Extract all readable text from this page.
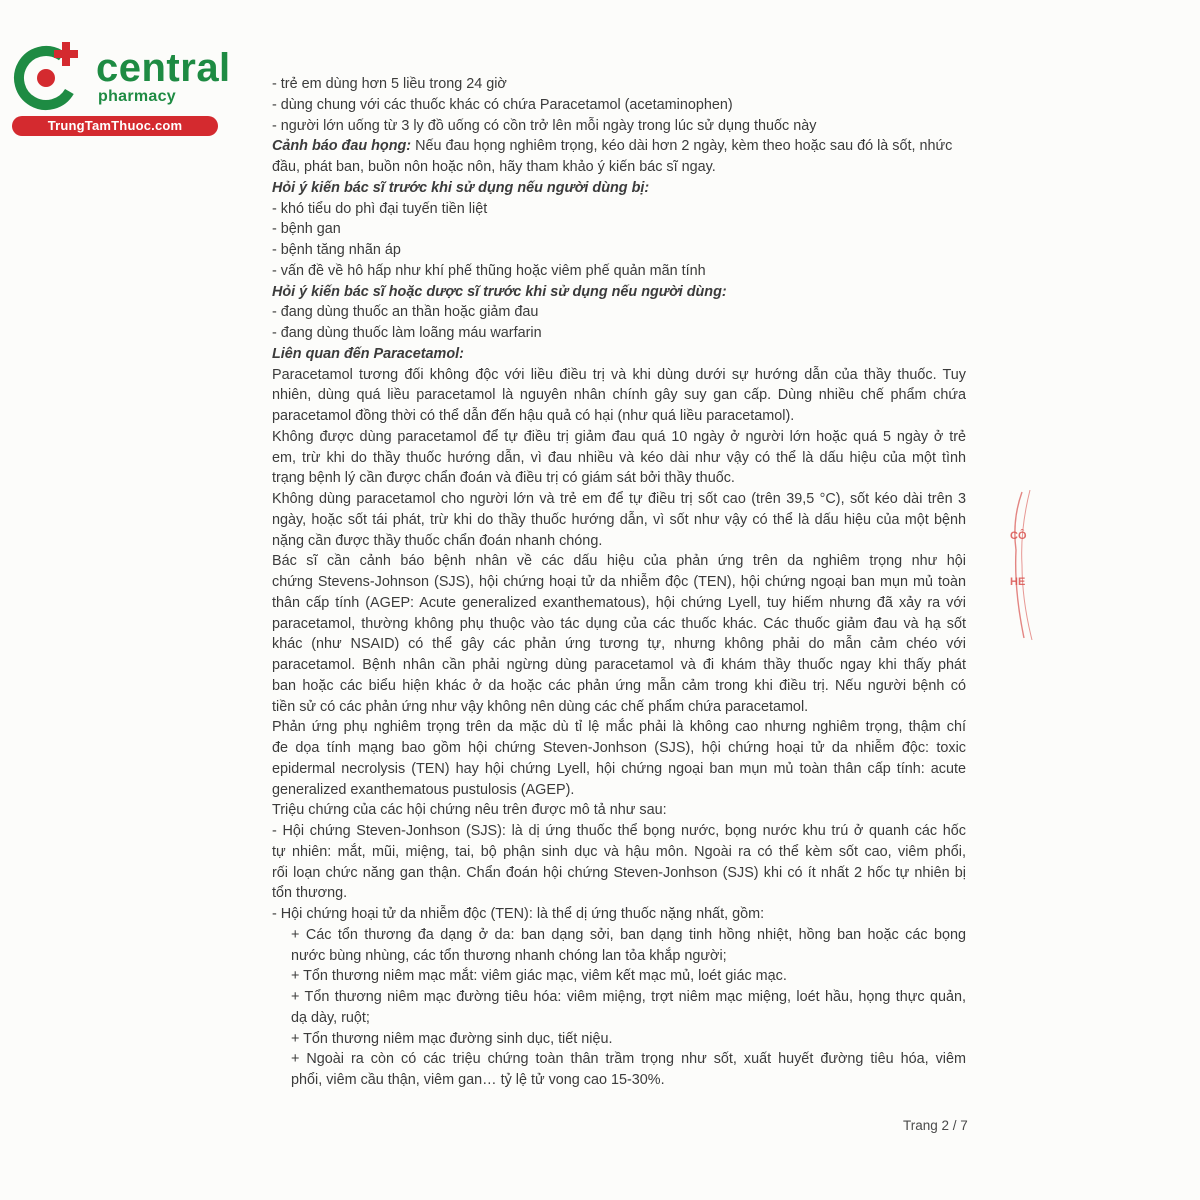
central
pharmacy
TrungTamThuoc.com
- trẻ em dùng hơn 5 liều trong 24 giờ
- dùng chung với các thuốc khác có chứa Paracetamol (acetaminophen)
- người lớn uống từ 3 ly đồ uống có cồn trở lên mỗi ngày trong lúc sử dụng thuốc này
Cảnh báo đau họng: Nếu đau họng nghiêm trọng, kéo dài hơn 2 ngày, kèm theo hoặc sau đó là sốt, nhức
đầu, phát ban, buồn nôn hoặc nôn, hãy tham khảo ý kiến bác sĩ ngay.
Hỏi ý kiến bác sĩ trước khi sử dụng nếu người dùng bị:
- khó tiểu do phì đại tuyến tiền liệt
- bệnh gan
- bệnh tăng nhãn áp
- vấn đề về hô hấp như khí phế thũng hoặc viêm phế quản mãn tính
Hỏi ý kiến bác sĩ hoặc dược sĩ trước khi sử dụng nếu người dùng:
- đang dùng thuốc an thần hoặc giảm đau
- đang dùng thuốc làm loãng máu warfarin
Liên quan đến Paracetamol:
Paracetamol tương đối không độc với liều điều trị và khi dùng dưới sự hướng dẫn của thầy thuốc. Tuy
nhiên, dùng quá liều paracetamol là nguyên nhân chính gây suy gan cấp. Dùng nhiều chế phẩm chứa
paracetamol đồng thời có thể dẫn đến hậu quả có hại (như quá liều paracetamol).
Không được dùng paracetamol để tự điều trị giảm đau quá 10 ngày ở người lớn hoặc quá 5 ngày ở trẻ
em, trừ khi do thầy thuốc hướng dẫn, vì đau nhiều và kéo dài như vậy có thể là dấu hiệu của một tình
trạng bệnh lý cần được chẩn đoán và điều trị có giám sát bởi thầy thuốc.
Không dùng paracetamol cho người lớn và trẻ em để tự điều trị sốt cao (trên 39,5 °C), sốt kéo dài trên 3
ngày, hoặc sốt tái phát, trừ khi do thầy thuốc hướng dẫn, vì sốt như vậy có thể là dấu hiệu của một bệnh
nặng cần được thầy thuốc chẩn đoán nhanh chóng.
Bác sĩ cần cảnh báo bệnh nhân về các dấu hiệu của phản ứng trên da nghiêm trọng như hội
chứng Stevens-Johnson (SJS), hội chứng hoại tử da nhiễm độc (TEN), hội chứng ngoại ban mụn mủ toàn
thân cấp tính (AGEP: Acute generalized exanthematous), hội chứng Lyell, tuy hiếm nhưng đã xảy ra với
paracetamol, thường không phụ thuộc vào tác dụng của các thuốc khác. Các thuốc giảm đau và hạ sốt
khác (như NSAID) có thể gây các phản ứng tương tự, nhưng không phải do mẫn cảm chéo với
paracetamol. Bệnh nhân cần phải ngừng dùng paracetamol và đi khám thầy thuốc ngay khi thấy phát
ban hoặc các biểu hiện khác ở da hoặc các phản ứng mẫn cảm trong khi điều trị. Nếu người bệnh có
tiền sử có các phản ứng như vậy không nên dùng các chế phẩm chứa paracetamol.
Phản ứng phụ nghiêm trọng trên da mặc dù tỉ lệ mắc phải là không cao nhưng nghiêm trọng, thậm chí
đe dọa tính mạng bao gồm hội chứng Steven-Jonhson (SJS), hội chứng hoại tử da nhiễm độc: toxic
epidermal necrolysis (TEN) hay hội chứng Lyell, hội chứng ngoại ban mụn mủ toàn thân cấp tính: acute
generalized exanthematous pustulosis (AGEP).
Triệu chứng của các hội chứng nêu trên được mô tả như sau:
- Hội chứng Steven-Jonhson (SJS): là dị ứng thuốc thể bọng nước, bọng nước khu trú ở quanh các hốc
tự nhiên: mắt, mũi, miệng, tai, bộ phận sinh dục và hậu môn. Ngoài ra có thể kèm sốt cao, viêm phổi,
rối loạn chức năng gan thận. Chẩn đoán hội chứng Steven-Jonhson (SJS) khi có ít nhất 2 hốc tự nhiên bị
tổn thương.
- Hội chứng hoại tử da nhiễm độc (TEN): là thể dị ứng thuốc nặng nhất, gồm:
+ Các tổn thương đa dạng ở da: ban dạng sởi, ban dạng tinh hồng nhiệt, hồng ban hoặc các bọng
nước bùng nhùng, các tổn thương nhanh chóng lan tỏa khắp người;
+ Tổn thương niêm mạc mắt: viêm giác mạc, viêm kết mạc mủ, loét giác mạc.
+ Tổn thương niêm mạc đường tiêu hóa: viêm miệng, trợt niêm mạc miệng, loét hầu, họng thực quản,
dạ dày, ruột;
+ Tổn thương niêm mạc đường sinh dục, tiết niệu.
+ Ngoài ra còn có các triệu chứng toàn thân trầm trọng như sốt, xuất huyết đường tiêu hóa, viêm
phổi, viêm cầu thận, viêm gan… tỷ lệ tử vong cao 15-30%.
Trang 2 / 7
CÔ
HE
